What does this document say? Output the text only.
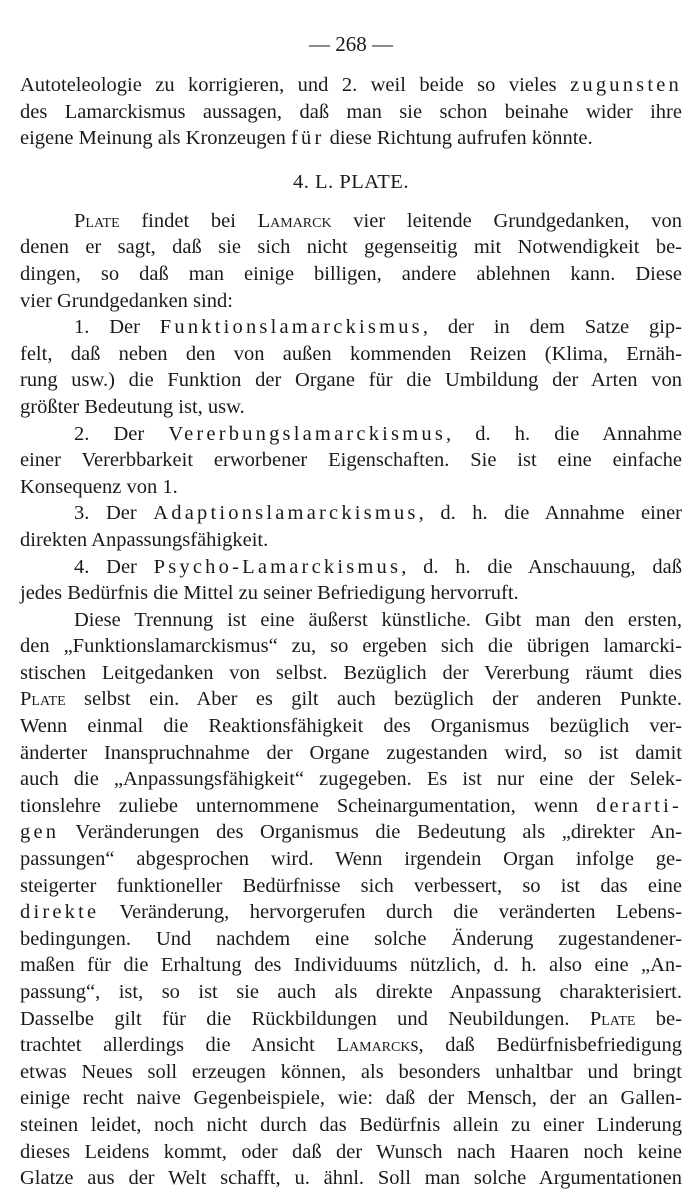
— 268 —
Autoteleologie zu korrigieren, und 2. weil beide so vieles zugunsten
des Lamarckismus aussagen, daß man sie schon beinahe wider ihre
eigene Meinung als Kronzeugen für diese Richtung aufrufen könnte.
4. L. PLATE.
Plate findet bei Lamarck vier leitende Grundgedanken, von
denen er sagt, daß sie sich nicht gegenseitig mit Notwendigkeit be-
dingen, so daß man einige billigen, andere ablehnen kann. Diese
vier Grundgedanken sind:
1. Der Funktionslamarckismus, der in dem Satze gip-
felt, daß neben den von außen kommenden Reizen (Klima, Ernäh-
rung usw.) die Funktion der Organe für die Umbildung der Arten von
größter Bedeutung ist, usw.
2. Der Vererbungslamarckismus, d. h. die Annahme
einer Vererbbarkeit erworbener Eigenschaften. Sie ist eine einfache
Konsequenz von 1.
3. Der Adaptionslamarckismus, d. h. die Annahme einer
direkten Anpassungsfähigkeit.
4. Der Psycho-Lamarckismus, d. h. die Anschauung, daß
jedes Bedürfnis die Mittel zu seiner Befriedigung hervorruft.
Diese Trennung ist eine äußerst künstliche. Gibt man den ersten,
den „Funktionslamarckismus“ zu, so ergeben sich die übrigen lamarcki-
stischen Leitgedanken von selbst. Bezüglich der Vererbung räumt dies
Plate selbst ein. Aber es gilt auch bezüglich der anderen Punkte.
Wenn einmal die Reaktionsfähigkeit des Organismus bezüglich ver-
änderter Inanspruchnahme der Organe zugestanden wird, so ist damit
auch die „Anpassungsfähigkeit“ zugegeben. Es ist nur eine der Selek-
tionslehre zuliebe unternommene Scheinargumentation, wenn derarti-
gen Veränderungen des Organismus die Bedeutung als „direkter An-
passungen“ abgesprochen wird. Wenn irgendein Organ infolge ge-
steigerter funktioneller Bedürfnisse sich verbessert, so ist das eine
direkte Veränderung, hervorgerufen durch die veränderten Lebens-
bedingungen. Und nachdem eine solche Änderung zugestandener-
maßen für die Erhaltung des Individuums nützlich, d. h. also eine „An-
passung“, ist, so ist sie auch als direkte Anpassung charakterisiert.
Dasselbe gilt für die Rückbildungen und Neubildungen. Plate be-
trachtet allerdings die Ansicht Lamarcks, daß Bedürfnisbefriedigung
etwas Neues soll erzeugen können, als besonders unhaltbar und bringt
einige recht naive Gegenbeispiele, wie: daß der Mensch, der an Gallen-
steinen leidet, noch nicht durch das Bedürfnis allein zu einer Linderung
dieses Leidens kommt, oder daß der Wunsch nach Haaren noch keine
Glatze aus der Welt schafft, u. ähnl. Soll man solche Argumentationen
